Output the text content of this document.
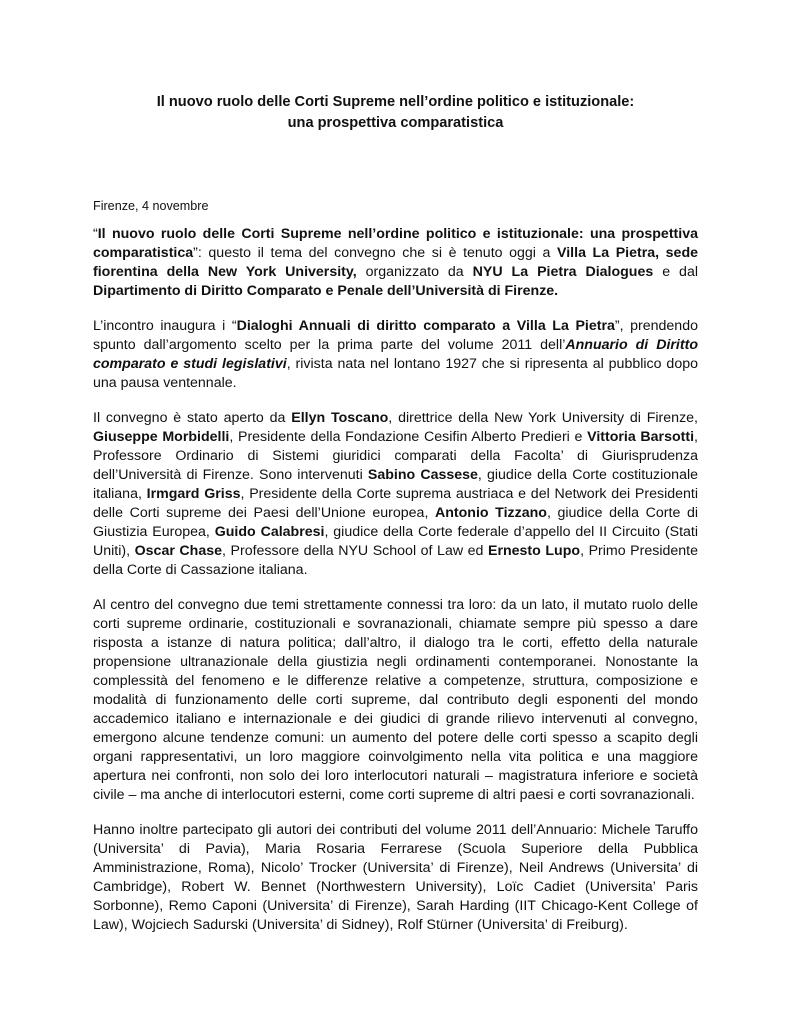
Il nuovo ruolo delle Corti Supreme nell’ordine politico e istituzionale:
una prospettiva comparatistica

Firenze, 4 novembre

“Il nuovo ruolo delle Corti Supreme nell’ordine politico e istituzionale: una prospettiva comparatistica”: questo il tema del convegno che si è tenuto oggi a Villa La Pietra, sede fiorentina della New York University, organizzato da NYU La Pietra Dialogues e dal Dipartimento di Diritto Comparato e Penale dell’Università di Firenze.

L’incontro inaugura i “Dialoghi Annuali di diritto comparato a Villa La Pietra”, prendendo spunto dall’argomento scelto per la prima parte del volume 2011 dell’Annuario di Diritto comparato e studi legislativi, rivista nata nel lontano 1927 che si ripresenta al pubblico dopo una pausa ventennale.

Il convegno è stato aperto da Ellyn Toscano, direttrice della New York University di Firenze, Giuseppe Morbidelli, Presidente della Fondazione Cesifin Alberto Predieri e Vittoria Barsotti, Professore Ordinario di Sistemi giuridici comparati della Facolta’ di Giurisprudenza dell’Università di Firenze. Sono intervenuti Sabino Cassese, giudice della Corte costituzionale italiana, Irmgard Griss, Presidente della Corte suprema austriaca e del Network dei Presidenti delle Corti supreme dei Paesi dell’Unione europea, Antonio Tizzano, giudice della Corte di Giustizia Europea, Guido Calabresi, giudice della Corte federale d’appello del II Circuito (Stati Uniti), Oscar Chase, Professore della NYU School of Law ed Ernesto Lupo, Primo Presidente della Corte di Cassazione italiana.

Al centro del convegno due temi strettamente connessi tra loro: da un lato, il mutato ruolo delle corti supreme ordinarie, costituzionali e sovranazionali, chiamate sempre più spesso a dare risposta a istanze di natura politica; dall’altro, il dialogo tra le corti, effetto della naturale propensione ultranazionale della giustizia negli ordinamenti contemporanei. Nonostante la complessità del fenomeno e le differenze relative a competenze, struttura, composizione e modalità di funzionamento delle corti supreme, dal contributo degli esponenti del mondo accademico italiano e internazionale e dei giudici di grande rilievo intervenuti al convegno, emergono alcune tendenze comuni: un aumento del potere delle corti spesso a scapito degli organi rappresentativi, un loro maggiore coinvolgimento nella vita politica e una maggiore apertura nei confronti, non solo dei loro interlocutori naturali – magistratura inferiore e società civile – ma anche di interlocutori esterni, come corti supreme di altri paesi e corti sovranazionali.

Hanno inoltre partecipato gli autori dei contributi del volume 2011 dell’Annuario: Michele Taruffo (Universita’ di Pavia), Maria Rosaria Ferrarese (Scuola Superiore della Pubblica Amministrazione, Roma), Nicolo’ Trocker (Universita’ di Firenze), Neil Andrews (Universita’ di Cambridge), Robert W. Bennet (Northwestern University), Loïc Cadiet (Universita’ Paris Sorbonne), Remo Caponi (Universita’ di Firenze), Sarah Harding (IIT Chicago-Kent College of Law), Wojciech Sadurski (Universita’ di Sidney), Rolf Stürner (Universita’ di Freiburg).
